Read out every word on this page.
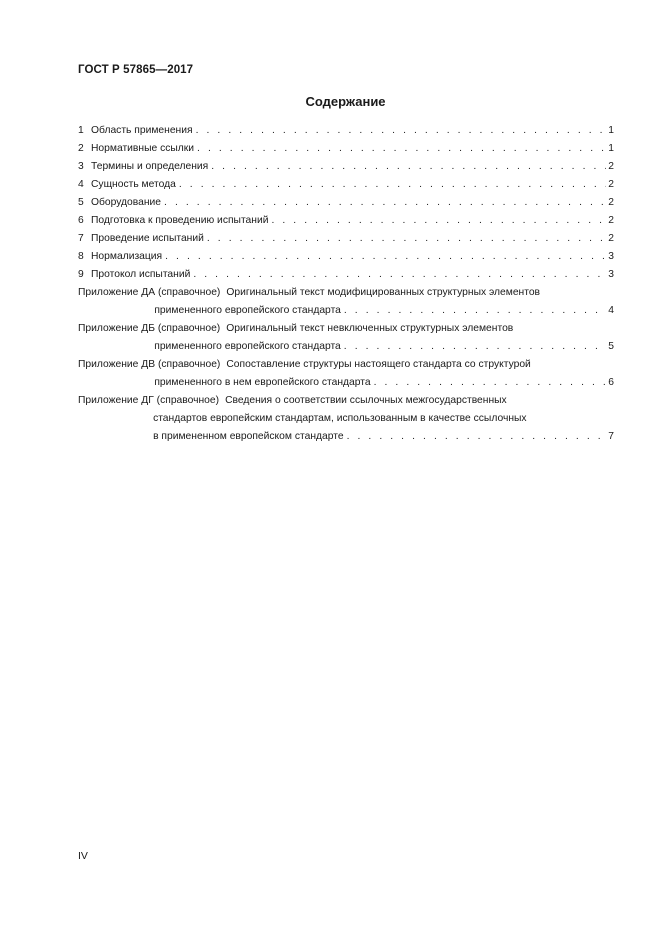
ГОСТ Р 57865—2017
Содержание
1 Область применения . . .	1
2 Нормативные ссылки . . .	1
3 Термины и определения . . .	2
4 Сущность метода . . .	2
5 Оборудование . . .	2
6 Подготовка к проведению испытаний . . .	2
7 Проведение испытаний . . .	2
8 Нормализация . . .	3
9 Протокол испытаний . . .	3
Приложение ДА (справочное) Оригинальный текст модифицированных структурных элементов
примененного европейского стандарта . . .	4
Приложение ДБ (справочное) Оригинальный текст невключенных структурных элементов
примененного европейского стандарта . . .	5
Приложение ДВ (справочное) Сопоставление структуры настоящего стандарта со структурой
примененного в нем европейского стандарта . . .	6
Приложение ДГ (справочное) Сведения о соответствии ссылочных межгосударственных
стандартов европейским стандартам, использованным в качестве ссылочных
в примененном европейском стандарте . . .	7
IV
